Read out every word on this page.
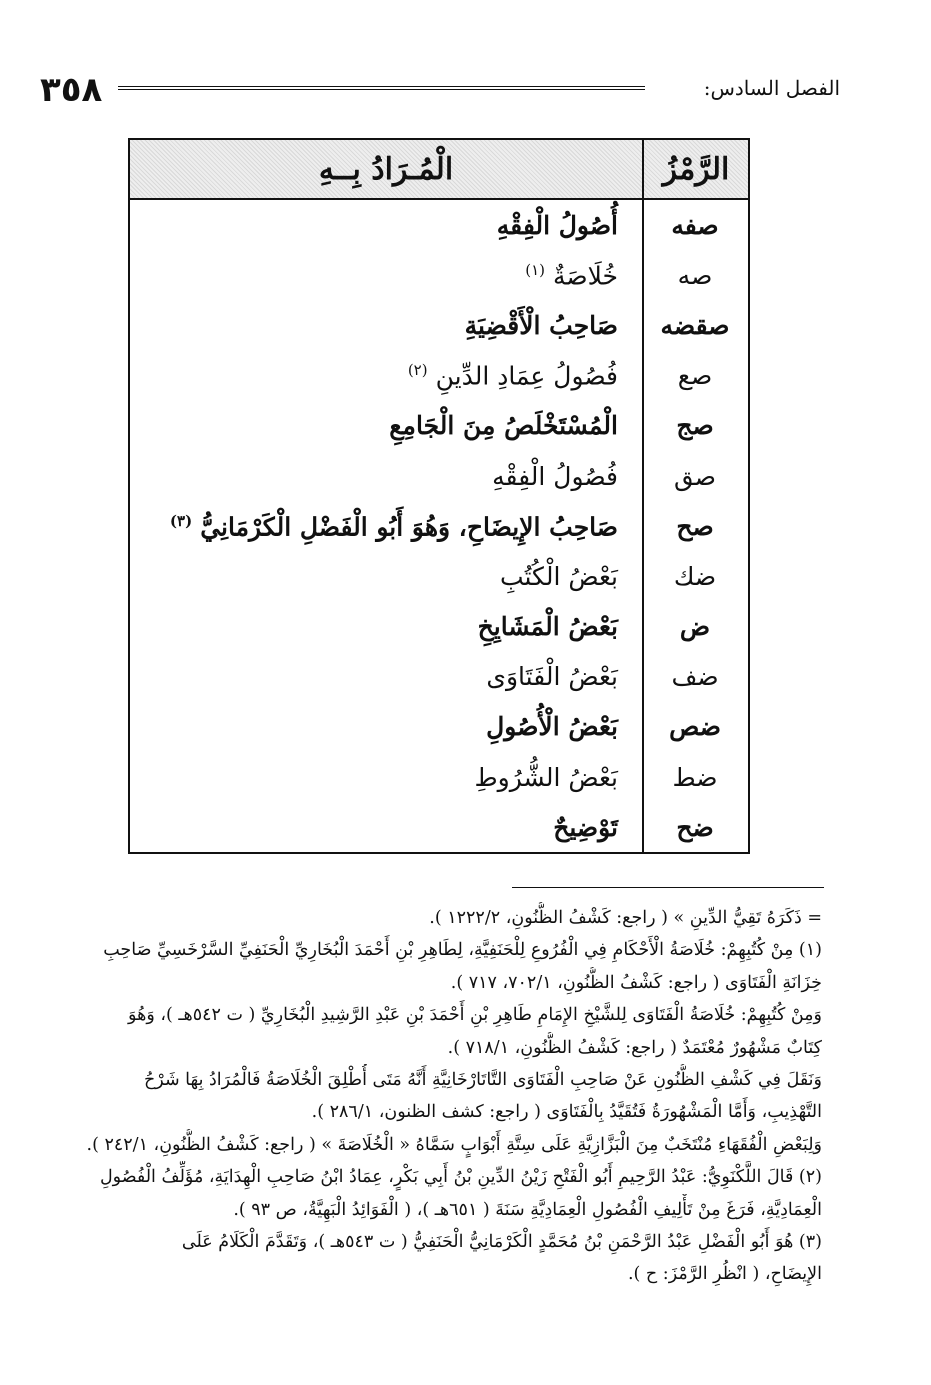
٣٥٨	الفصل السادس:
الرَّمْزُ
الْمُـرَادُ بِــهِ
صفه
أُصُولُ الْفِقْهِ
صه
خُلَاصَةٌ$^{(١)}$
صقضه
صَاحِبُ الْأَقْضِيَةِ
صع
فُصُولُ عِمَادِ الدِّينِ$^{(٢)}$
صج
الْمُسْتَخْلَصُ مِنَ الْجَامِعِ
صق
فُصُولُ الْفِقْهِ
صح
صَاحِبُ الإِيضَاحِ، وَهُوَ أَبُو الْفَضْلِ الْكَرْمَانِيُّ$^{(٣)}$
ضك
بَعْضُ الْكُتُبِ
ض
بَعْضُ الْمَشَايِخِ
ضف
بَعْضُ الْفَتَاوَى
ضص
بَعْضُ الْأُصُولِ
ضط
بَعْضُ الشُّرُوطِ
ضح
تَوْضِيحٌ
= ذَكَرَهُ تَقِيُّ الدِّينِ » ( راجع: كَشْفُ الظُّنُونِ، ١٢٢٢/٢ ).
(١) مِنْ كُتُبِهِمْ: خُلَاصَةُ الْأَحْكَامِ فِي الْفُرُوعِ لِلْحَنَفِيَّةِ، لِطَاهِرِ بْنِ أَحْمَدَ الْبُخَارِيِّ الْحَنَفِيِّ السَّرْخَسِيِّ صَاحِبِ
خِزَانَةِ الْفَتَاوَى ( راجع: كَشْفُ الظُّنُونِ، ٧٠٢/١، ٧١٧ ).
وَمِنْ كُتُبِهِمْ: خُلَاصَةُ الْفَتَاوَى لِلشَّيْخِ الإِمَامِ طَاهِرِ بْنِ أَحْمَدَ بْنِ عَبْدِ الرَّشِيدِ الْبُخَارِيِّ ( ت ٥٤٢هـ )، وَهُوَ
كِتَابٌ مَشْهُورٌ مُعْتَمَدٌ ( راجع: كَشْفُ الظُّنُونِ، ٧١٨/١ ).
وَنَقَلَ فِي كَشْفِ الظُّنُونِ عَنْ صَاحِبِ الْفَتَاوَى التَّاتَارْخَانِيَّةِ أَنَّهُ مَتَى أُطْلِقَ الْخُلَاصَةُ فَالْمُرَادُ بِهَا شَرْحُ
التَّهْذِيبِ، وَأَمَّا الْمَشْهُورَةُ فَتُقَيَّدُ بِالْفَتَاوَى ( راجع: كشف الظنون، ٢٨٦/١ ).
وَلِبَعْضِ الْفُقَهَاءِ مُنْتَخَبٌ مِنَ الْبَزَّازِيَّةِ عَلَى سِتَّةِ أَبْوَابٍ سَمَّاهُ « الْخُلَاصَةَ » ( راجع: كَشْفُ الظُّنُونِ، ٢٤٢/١ ).
(٢) قَالَ اللَّكْنَوِيُّ: عَبْدُ الرَّحِيمِ أَبُو الْفَتْحِ زَيْنُ الدِّينِ بْنُ أَبِي بَكْرٍ، عِمَادُ ابْنُ صَاحِبِ الْهِدَايَةِ، مُؤَلِّفُ الْفُصُولِ
الْعِمَادِيَّةِ، فَرَغَ مِنْ تَأْلِيفِ الْفُصُولِ الْعِمَادِيَّةِ سَنَةَ ( ٦٥١هـ )، ( الْفَوَائِدُ الْبَهِيَّةُ، ص ٩٣ ).
(٣) هُوَ أَبُو الْفَضْلِ عَبْدُ الرَّحْمَنِ بْنُ مُحَمَّدٍ الْكَرْمَانِيُّ الْحَنَفِيُّ ( ت ٥٤٣هـ )، وَتَقَدَّمَ الْكَلَامُ عَلَى
الإِيضَاحِ، ( انْظُرِ الرَّمْزَ: ح ).
